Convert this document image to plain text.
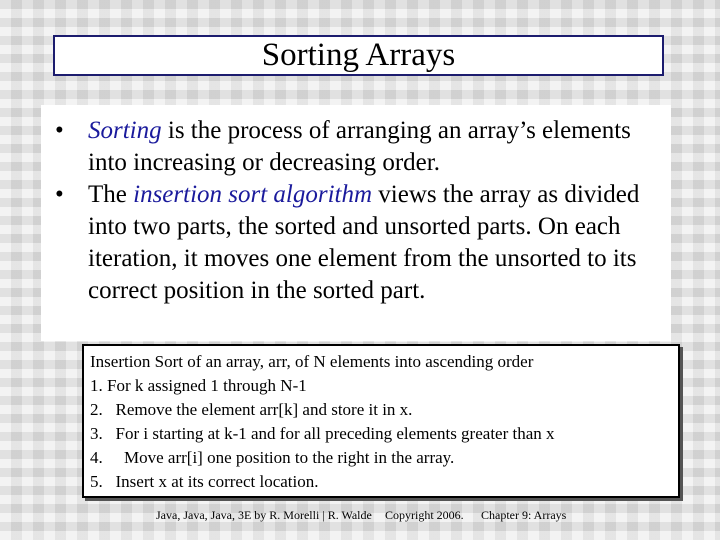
Sorting Arrays
• Sorting is the process of arranging an array’s elements into increasing or decreasing order.
• The insertion sort algorithm views the array as divided into two parts, the sorted and unsorted parts. On each iteration, it moves one element from the unsorted to its correct position in the sorted part.
Insertion Sort of an array, arr, of N elements into ascending order
1. For k assigned 1 through N-1
2.   Remove the element arr[k] and store it in x.
3.   For i starting at k-1 and for all preceding elements greater than x
4.     Move arr[i] one position to the right in the array.
5.   Insert x at its correct location.
Java, Java, Java, 3E by R. Morelli | R. Walde Copyright 2006. Chapter 9: Arrays
